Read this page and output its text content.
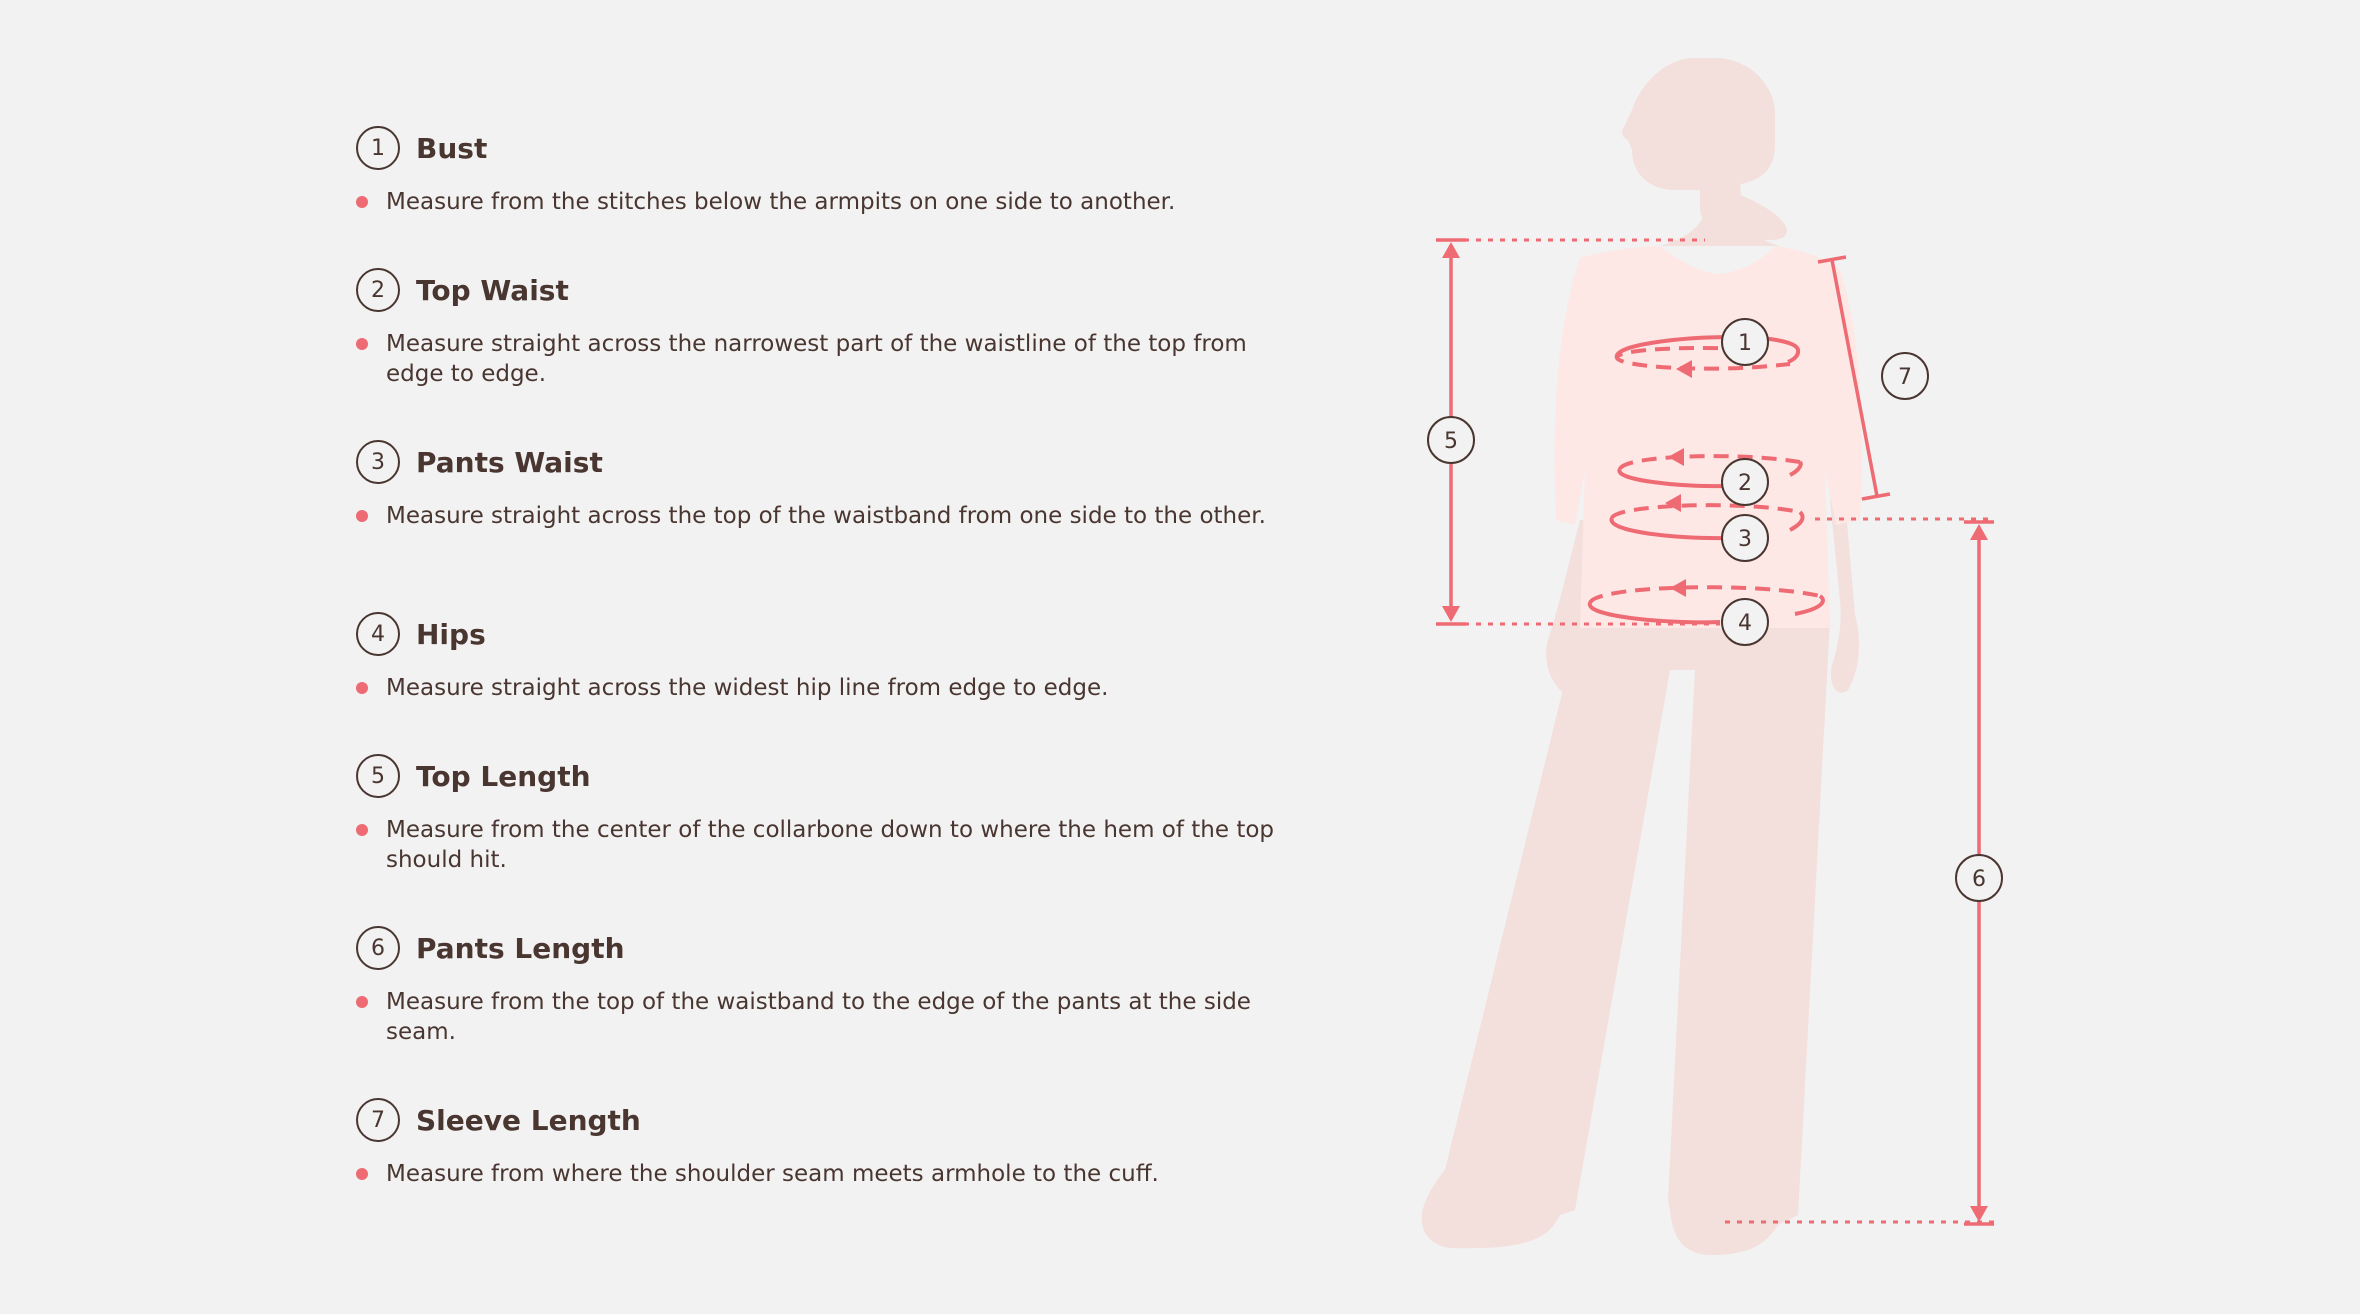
1	Bust
Measure from the stitches below the armpits on one side to another.
2	Top Waist
Measure straight across the narrowest part of the waistline of the top from edge to edge.
3	Pants Waist
Measure straight across the top of the waistband from one side to the other.
4	Hips
Measure straight across the widest hip line from edge to edge.
5	Top Length
Measure from the center of the collarbone down to where the hem of the top should hit.
6	Pants Length
Measure from the top of the waistband to the edge of the pants at the side seam.
7	Sleeve Length
Measure from where the shoulder seam meets armhole to the cuff.
1
2
3
4
5
6
7
